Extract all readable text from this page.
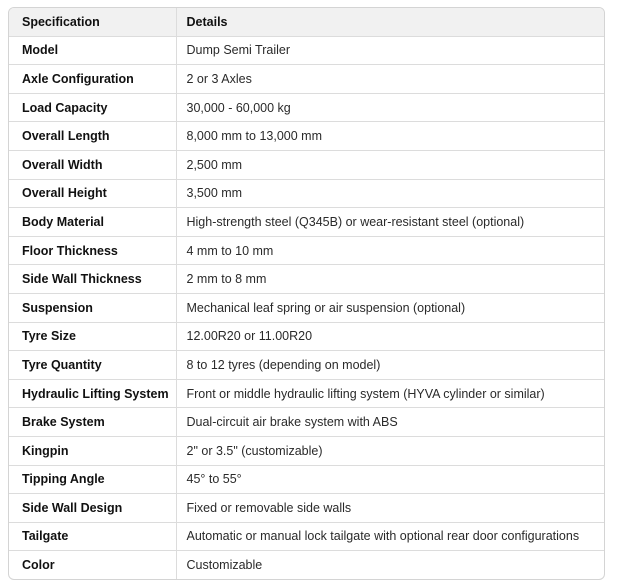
Specification	Details
Model	Dump Semi Trailer
Axle Configuration	2 or 3 Axles
Load Capacity	30,000 - 60,000 kg
Overall Length	8,000 mm to 13,000 mm
Overall Width	2,500 mm
Overall Height	3,500 mm
Body Material	High-strength steel (Q345B) or wear-resistant steel (optional)
Floor Thickness	4 mm to 10 mm
Side Wall Thickness	2 mm to 8 mm
Suspension	Mechanical leaf spring or air suspension (optional)
Tyre Size	12.00R20 or 11.00R20
Tyre Quantity	8 to 12 tyres (depending on model)
Hydraulic Lifting System	Front or middle hydraulic lifting system (HYVA cylinder or similar)
Brake System	Dual-circuit air brake system with ABS
Kingpin	2" or 3.5" (customizable)
Tipping Angle	45° to 55°
Side Wall Design	Fixed or removable side walls
Tailgate	Automatic or manual lock tailgate with optional rear door configurations
Color	Customizable
